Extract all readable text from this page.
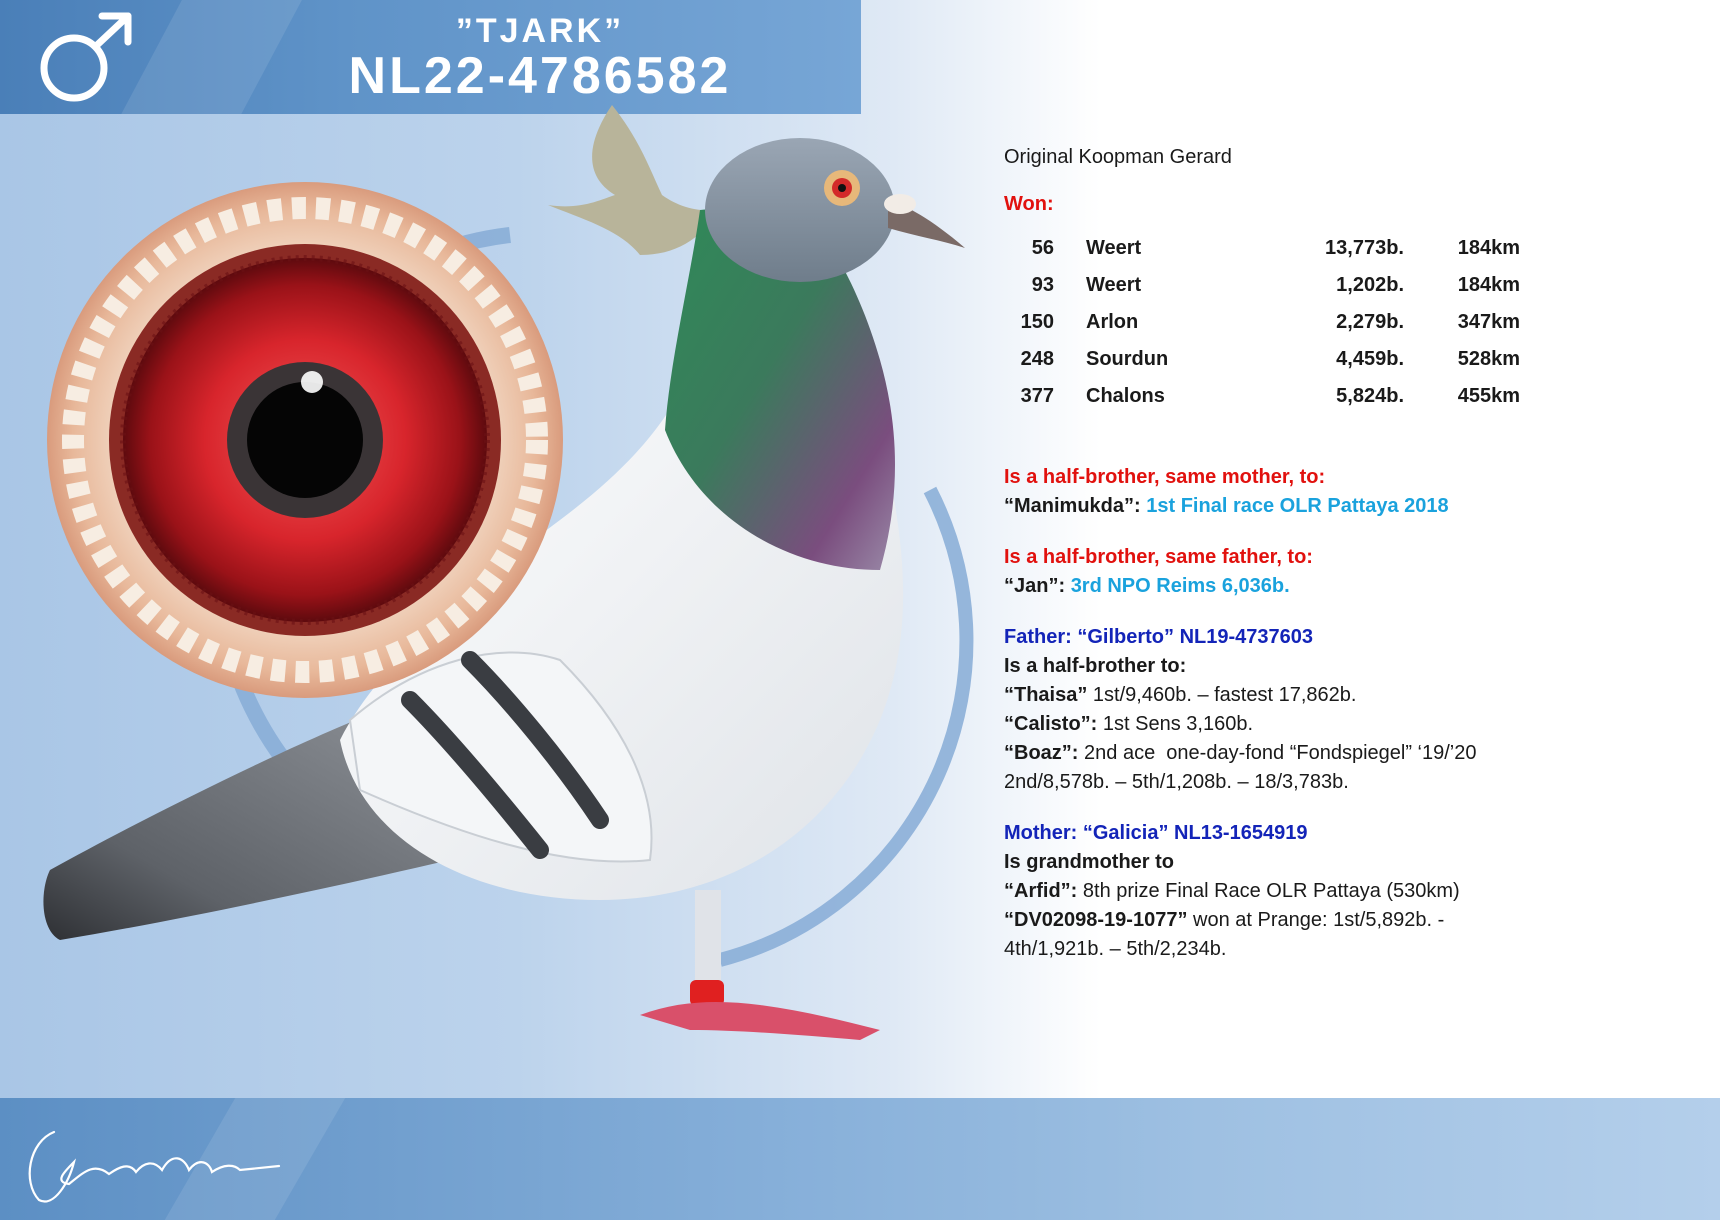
”TJARK”
NL22-4786582
Original Koopman Gerard
Won:
56	Weert	13,773b.	184km
93	Weert	1,202b.	184km
150	Arlon	2,279b.	347km
248	Sourdun	4,459b.	528km
377	Chalons	5,824b.	455km
Is a half-brother, same mother, to:
“Manimukda”: 1st Final race OLR Pattaya 2018
Is a half-brother, same father, to:
“Jan”: 3rd NPO Reims 6,036b.
Father: “Gilberto” NL19-4737603
Is a half-brother to:
“Thaisa” 1st/9,460b. – fastest 17,862b.
“Calisto”: 1st Sens 3,160b.
“Boaz”: 2nd ace  one-day-fond “Fondspiegel” ‘19/’20
2nd/8,578b. – 5th/1,208b. – 18/3,783b.
Mother: “Galicia” NL13-1654919
Is grandmother to
“Arfid”: 8th prize Final Race OLR Pattaya (530km)
“DV02098-19-1077” won at Prange: 1st/5,892b. -
4th/1,921b. – 5th/2,234b.
